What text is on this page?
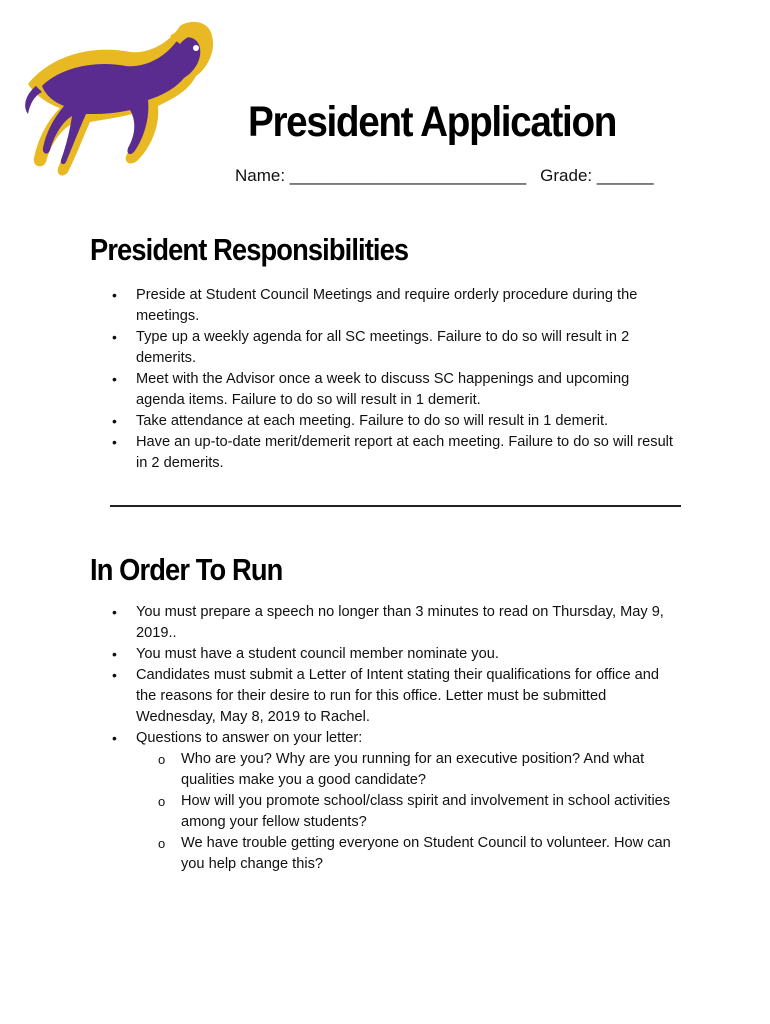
President Application
Name: _________________________ Grade: ______
President Responsibilities
• Preside at Student Council Meetings and require orderly procedure during the meetings.
• Type up a weekly agenda for all SC meetings. Failure to do so will result in 2 demerits.
• Meet with the Advisor once a week to discuss SC happenings and upcoming agenda items. Failure to do so will result in 1 demerit.
• Take attendance at each meeting. Failure to do so will result in 1 demerit.
• Have an up-to-date merit/demerit report at each meeting. Failure to do so will result in 2 demerits.
In Order To Run
• You must prepare a speech no longer than 3 minutes to read on Thursday, May 9, 2019..
• You must have a student council member nominate you.
• Candidates must submit a Letter of Intent stating their qualifications for office and the reasons for their desire to run for this office. Letter must be submitted Wednesday, May 8, 2019 to Rachel.
• Questions to answer on your letter:
o Who are you? Why are you running for an executive position? And what qualities make you a good candidate?
o How will you promote school/class spirit and involvement in school activities among your fellow students?
o We have trouble getting everyone on Student Council to volunteer. How can you help change this?
